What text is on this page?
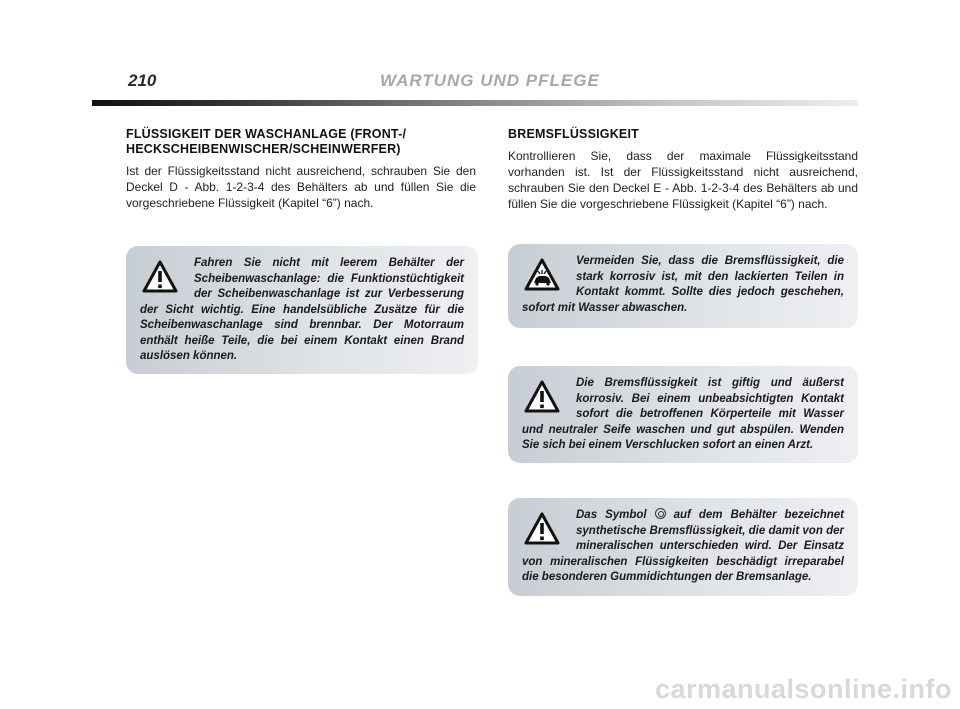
210	WARTUNG UND PFLEGE
FLÜSSIGKEIT DER WASCHANLAGE (FRONT-/ HECKSCHEIBENWISCHER/SCHEINWERFER)

Ist der Flüssigkeitsstand nicht ausreichend, schrauben Sie den Deckel D - Abb. 1-2-3-4 des Behälters ab und füllen Sie die vorgeschriebene Flüssigkeit (Kapitel “6”) nach.

Fahren Sie nicht mit leerem Behälter der Scheibenwaschanlage: die Funktionstüchtigkeit der Scheibenwaschanlage ist zur Verbesserung der Sicht wichtig. Eine handelsübliche Zusätze für die Scheibenwaschanlage sind brennbar. Der Motorraum enthält heiße Teile, die bei einem Kontakt einen Brand auslösen können.
BREMSFLÜSSIGKEIT

Kontrollieren Sie, dass der maximale Flüssigkeitsstand vorhanden ist. Ist der Flüssigkeitsstand nicht ausreichend, schrauben Sie den Deckel E - Abb. 1-2-3-4 des Behälters ab und füllen Sie die vorgeschriebene Flüssigkeit (Kapitel “6”) nach.

Vermeiden Sie, dass die Bremsflüssigkeit, die stark korrosiv ist, mit den lackierten Teilen in Kontakt kommt. Sollte dies jedoch geschehen, sofort mit Wasser abwaschen.
Die Bremsflüssigkeit ist giftig und äußerst korrosiv. Bei einem unbeabsichtigten Kontakt sofort die betroffenen Körperteile mit Wasser und neutraler Seife waschen und gut abspülen. Wenden Sie sich bei einem Verschlucken sofort an einen Arzt.
Das Symbol auf dem Behälter bezeichnet synthetische Bremsflüssigkeit, die damit von der mineralischen unterschieden wird. Der Einsatz von mineralischen Flüssigkeiten beschädigt irreparabel die besonderen Gummidichtungen der Bremsanlage.
carmanualsonline.info
